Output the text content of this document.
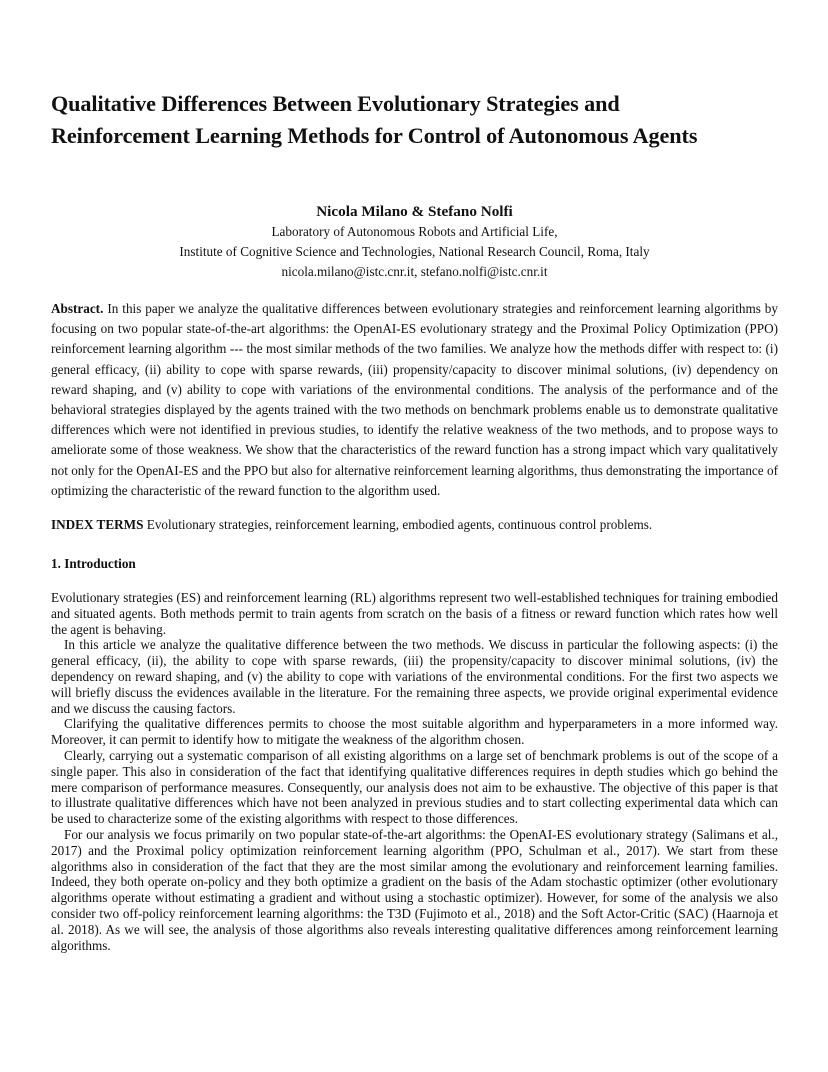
Qualitative Differences Between Evolutionary Strategies and
Reinforcement Learning Methods for Control of Autonomous Agents
Nicola Milano & Stefano Nolfi
Laboratory of Autonomous Robots and Artificial Life,
Institute of Cognitive Science and Technologies, National Research Council, Roma, Italy
nicola.milano@istc.cnr.it, stefano.nolfi@istc.cnr.it
Abstract. In this paper we analyze the qualitative differences between evolutionary strategies and reinforcement learning algorithms by focusing on two popular state-of-the-art algorithms: the OpenAI-ES evolutionary strategy and the Proximal Policy Optimization (PPO) reinforcement learning algorithm --- the most similar methods of the two families. We analyze how the methods differ with respect to: (i) general efficacy, (ii) ability to cope with sparse rewards, (iii) propensity/capacity to discover minimal solutions, (iv) dependency on reward shaping, and (v) ability to cope with variations of the environmental conditions. The analysis of the performance and of the behavioral strategies displayed by the agents trained with the two methods on benchmark problems enable us to demonstrate qualitative differences which were not identified in previous studies, to identify the relative weakness of the two methods, and to propose ways to ameliorate some of those weakness. We show that the characteristics of the reward function has a strong impact which vary qualitatively not only for the OpenAI-ES and the PPO but also for alternative reinforcement learning algorithms, thus demonstrating the importance of optimizing the characteristic of the reward function to the algorithm used.
INDEX TERMS Evolutionary strategies, reinforcement learning, embodied agents, continuous control problems.
1. Introduction

Evolutionary strategies (ES) and reinforcement learning (RL) algorithms represent two well-established techniques for training embodied and situated agents. Both methods permit to train agents from scratch on the basis of a fitness or reward function which rates how well the agent is behaving.

In this article we analyze the qualitative difference between the two methods. We discuss in particular the following aspects: (i) the general efficacy, (ii), the ability to cope with sparse rewards, (iii) the propensity/capacity to discover minimal solutions, (iv) the dependency on reward shaping, and (v) the ability to cope with variations of the environmental conditions. For the first two aspects we will briefly discuss the evidences available in the literature. For the remaining three aspects, we provide original experimental evidence and we discuss the causing factors.

Clarifying the qualitative differences permits to choose the most suitable algorithm and hyperparameters in a more informed way. Moreover, it can permit to identify how to mitigate the weakness of the algorithm chosen.

Clearly, carrying out a systematic comparison of all existing algorithms on a large set of benchmark problems is out of the scope of a single paper. This also in consideration of the fact that identifying qualitative differences requires in depth studies which go behind the mere comparison of performance measures. Consequently, our analysis does not aim to be exhaustive. The objective of this paper is that to illustrate qualitative differences which have not been analyzed in previous studies and to start collecting experimental data which can be used to characterize some of the existing algorithms with respect to those differences.

For our analysis we focus primarily on two popular state-of-the-art algorithms: the OpenAI-ES evolutionary strategy (Salimans et al., 2017) and the Proximal policy optimization reinforcement learning algorithm (PPO, Schulman et al., 2017). We start from these algorithms also in consideration of the fact that they are the most similar among the evolutionary and reinforcement learning families. Indeed, they both operate on-policy and they both optimize a gradient on the basis of the Adam stochastic optimizer (other evolutionary algorithms operate without estimating a gradient and without using a stochastic optimizer). However, for some of the analysis we also consider two off-policy reinforcement learning algorithms: the T3D (Fujimoto et al., 2018) and the Soft Actor-Critic (SAC) (Haarnoja et al. 2018). As we will see, the analysis of those algorithms also reveals interesting qualitative differences among reinforcement learning algorithms.
